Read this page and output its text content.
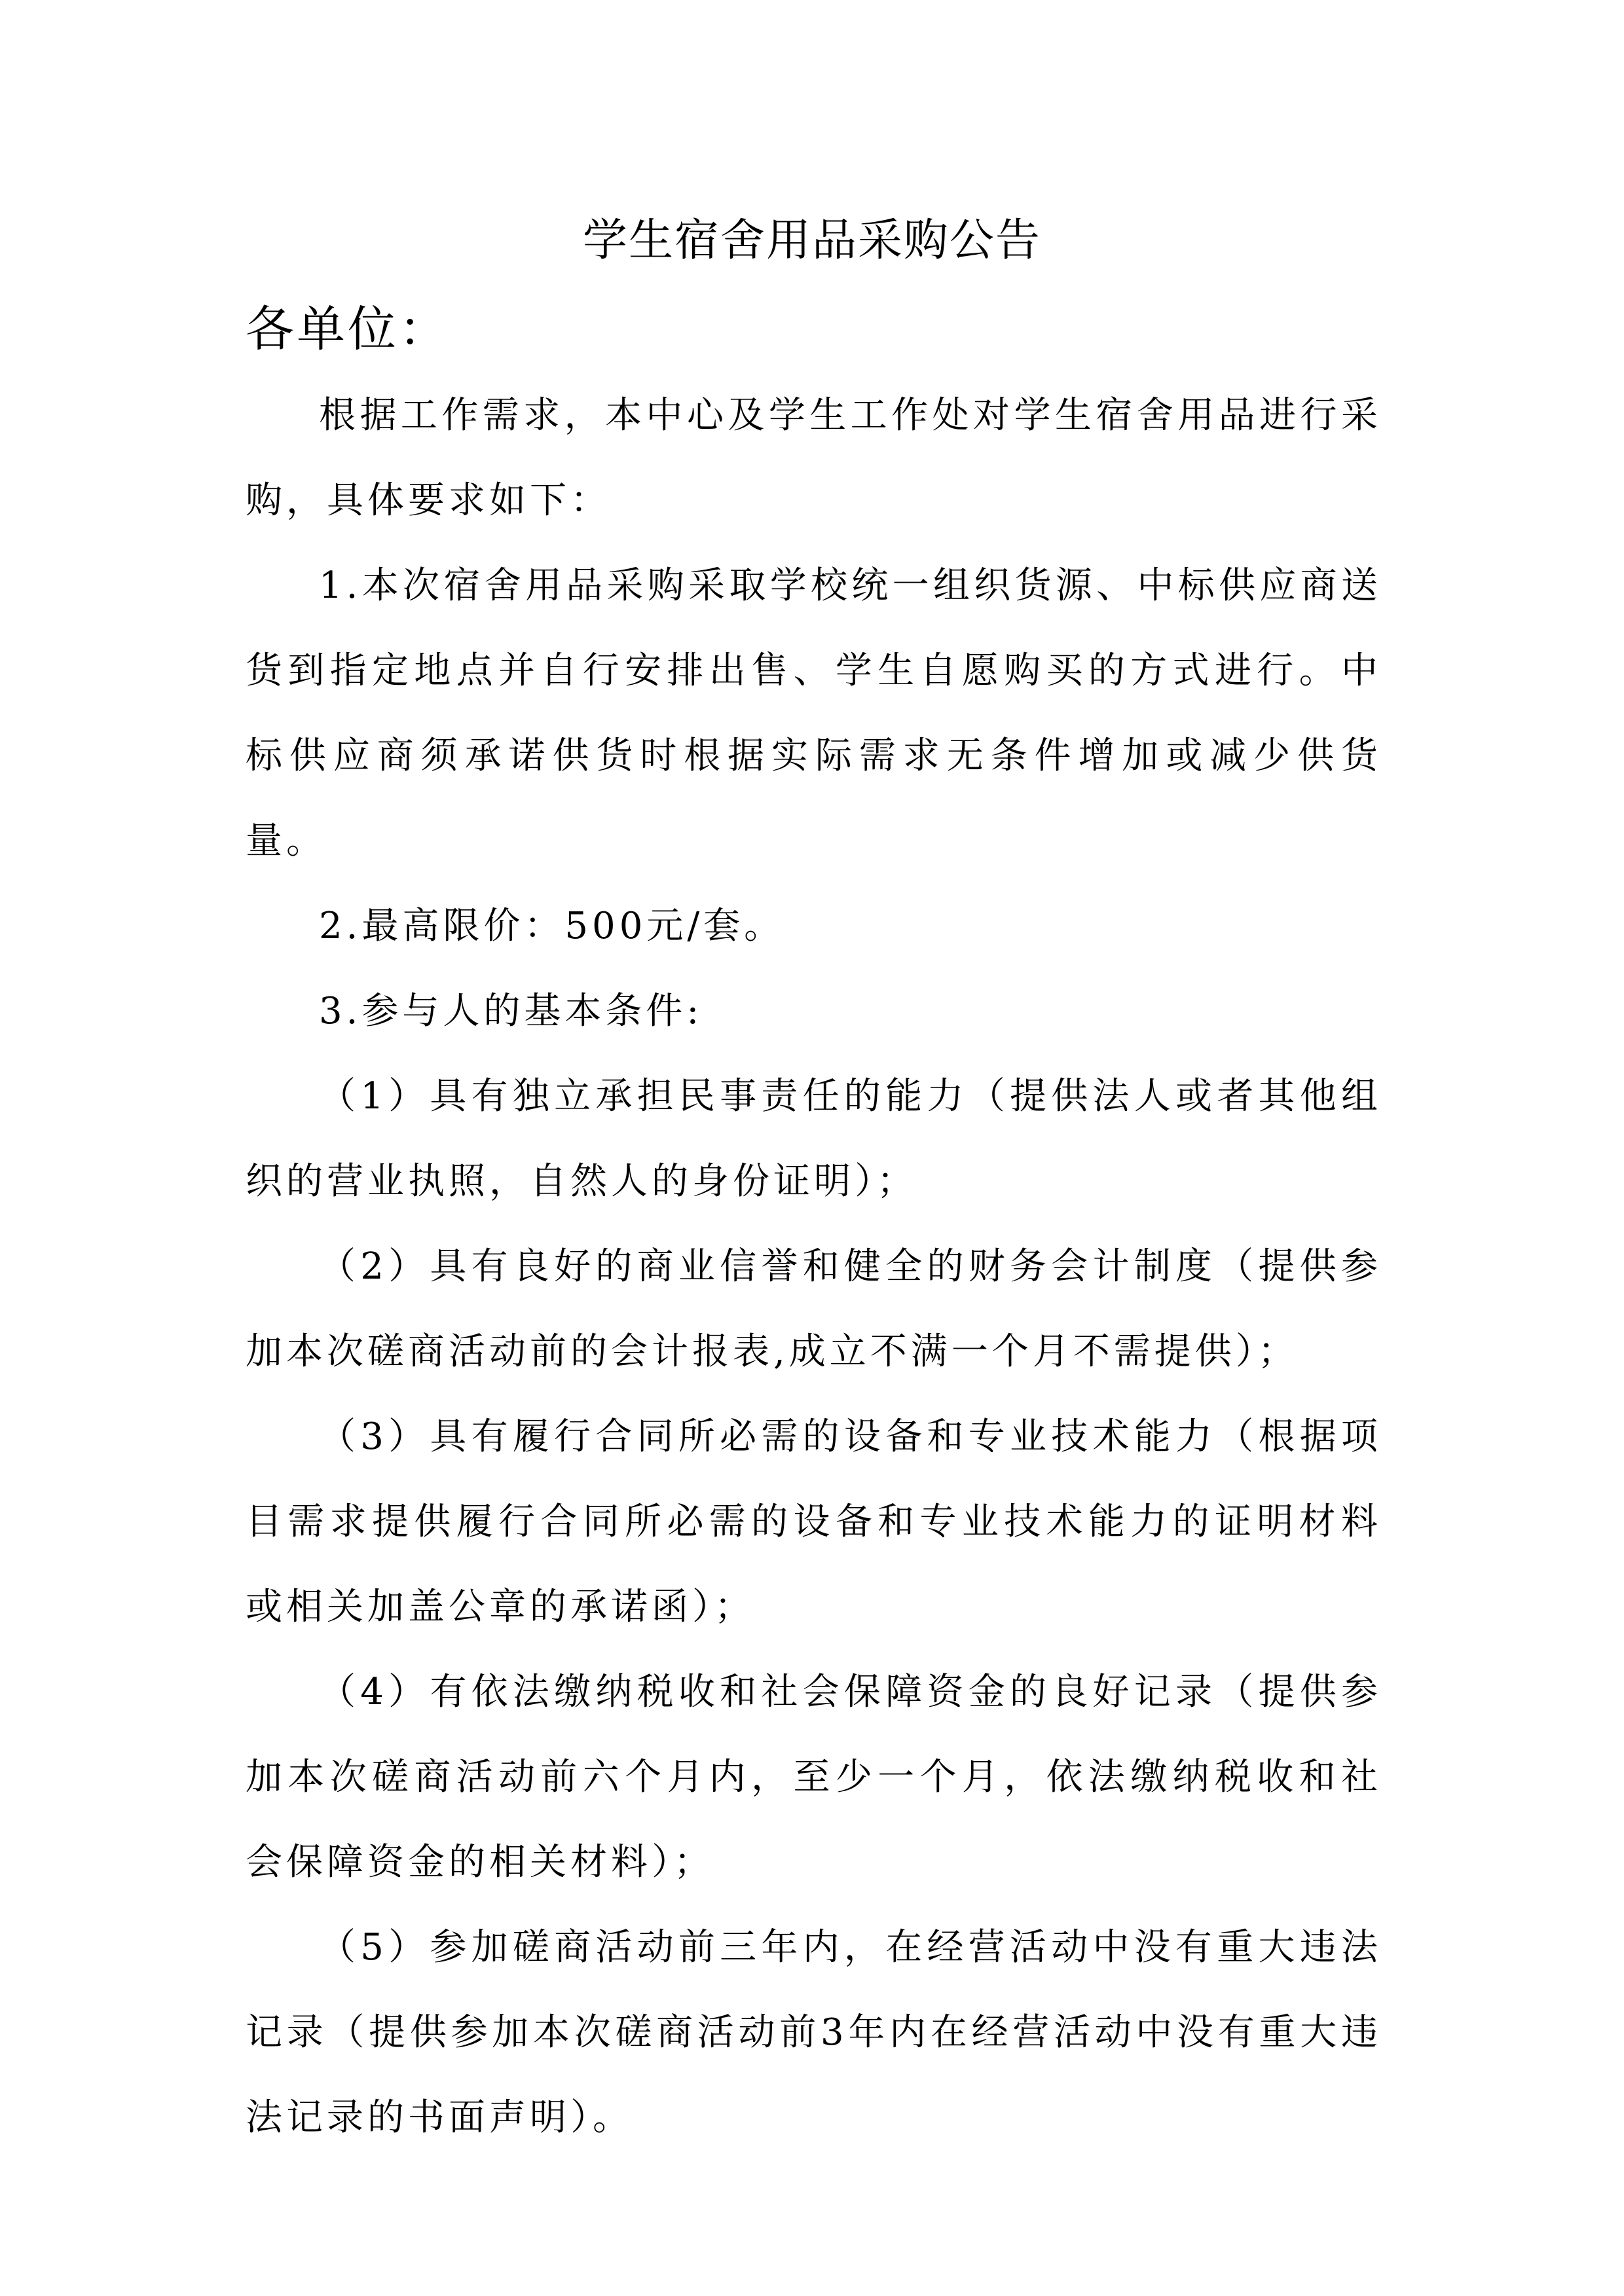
学生宿舍用品采购公告
各单位：

根据工作需求，本中心及学生工作处对学生宿舍用品进行采购，具体要求如下：

1.本次宿舍用品采购采取学校统一组织货源、中标供应商送货到指定地点并自行安排出售、学生自愿购买的方式进行。中标供应商须承诺供货时根据实际需求无条件增加或减少供货量。

2.最高限价：500元/套。

3.参与人的基本条件:

（1）具有独立承担民事责任的能力（提供法人或者其他组织的营业执照，自然人的身份证明）；

（2）具有良好的商业信誉和健全的财务会计制度（提供参加本次磋商活动前的会计报表,成立不满一个月不需提供）；

（3）具有履行合同所必需的设备和专业技术能力（根据项目需求提供履行合同所必需的设备和专业技术能力的证明材料或相关加盖公章的承诺函）；

（4）有依法缴纳税收和社会保障资金的良好记录（提供参加本次磋商活动前六个月内，至少一个月，依法缴纳税收和社会保障资金的相关材料）；

（5）参加磋商活动前三年内，在经营活动中没有重大违法记录（提供参加本次磋商活动前3年内在经营活动中没有重大违法记录的书面声明）。
